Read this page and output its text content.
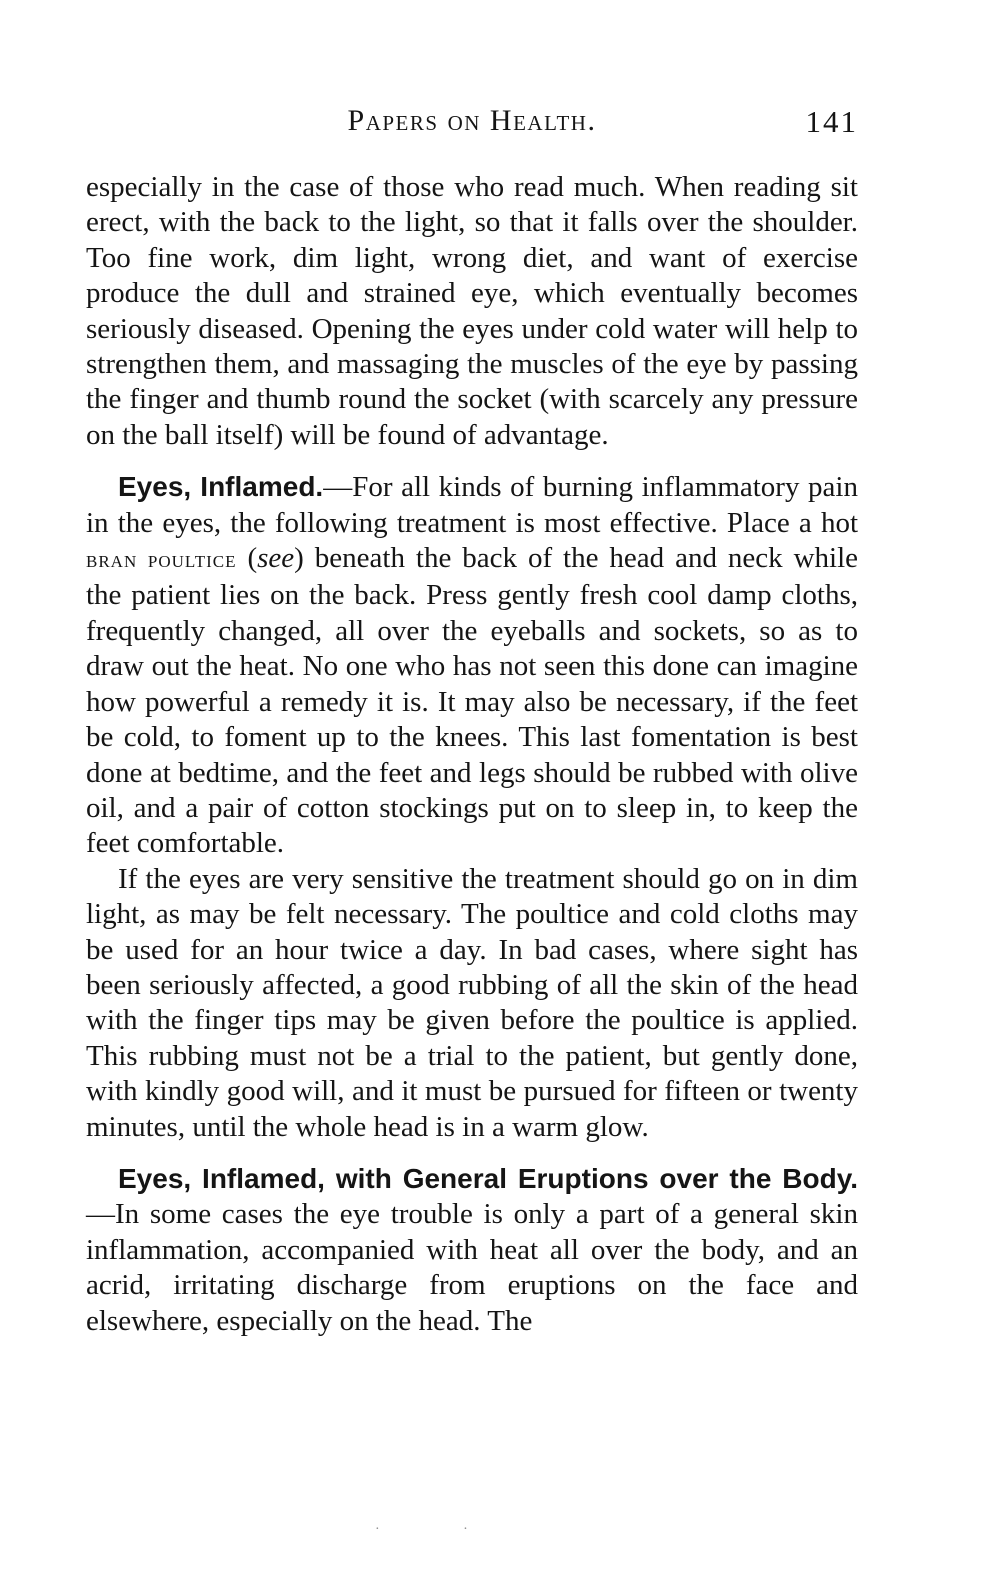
Papers on Health.	141

especially in the case of those who read much. When reading sit erect, with the back to the light, so that it falls over the shoulder. Too fine work, dim light, wrong diet, and want of exercise produce the dull and strained eye, which eventually becomes seriously diseased. Opening the eyes under cold water will help to strengthen them, and massaging the muscles of the eye by passing the finger and thumb round the socket (with scarcely any pressure on the ball itself) will be found of advantage.

Eyes, Inflamed.—For all kinds of burning inflammatory pain in the eyes, the following treatment is most effective. Place a hot bran poultice (see) beneath the back of the head and neck while the patient lies on the back. Press gently fresh cool damp cloths, frequently changed, all over the eyeballs and sockets, so as to draw out the heat. No one who has not seen this done can imagine how powerful a remedy it is. It may also be necessary, if the feet be cold, to foment up to the knees. This last fomentation is best done at bedtime, and the feet and legs should be rubbed with olive oil, and a pair of cotton stockings put on to sleep in, to keep the feet comfortable.

If the eyes are very sensitive the treatment should go on in dim light, as may be felt necessary. The poultice and cold cloths may be used for an hour twice a day. In bad cases, where sight has been seriously affected, a good rubbing of all the skin of the head with the finger tips may be given before the poultice is applied. This rubbing must not be a trial to the patient, but gently done, with kindly good will, and it must be pursued for fifteen or twenty minutes, until the whole head is in a warm glow.

Eyes, Inflamed, with General Eruptions over the Body.—In some cases the eye trouble is only a part of a general skin inflammation, accompanied with heat all over the body, and an acrid, irritating discharge from eruptions on the face and elsewhere, especially on the head. The

· ·
